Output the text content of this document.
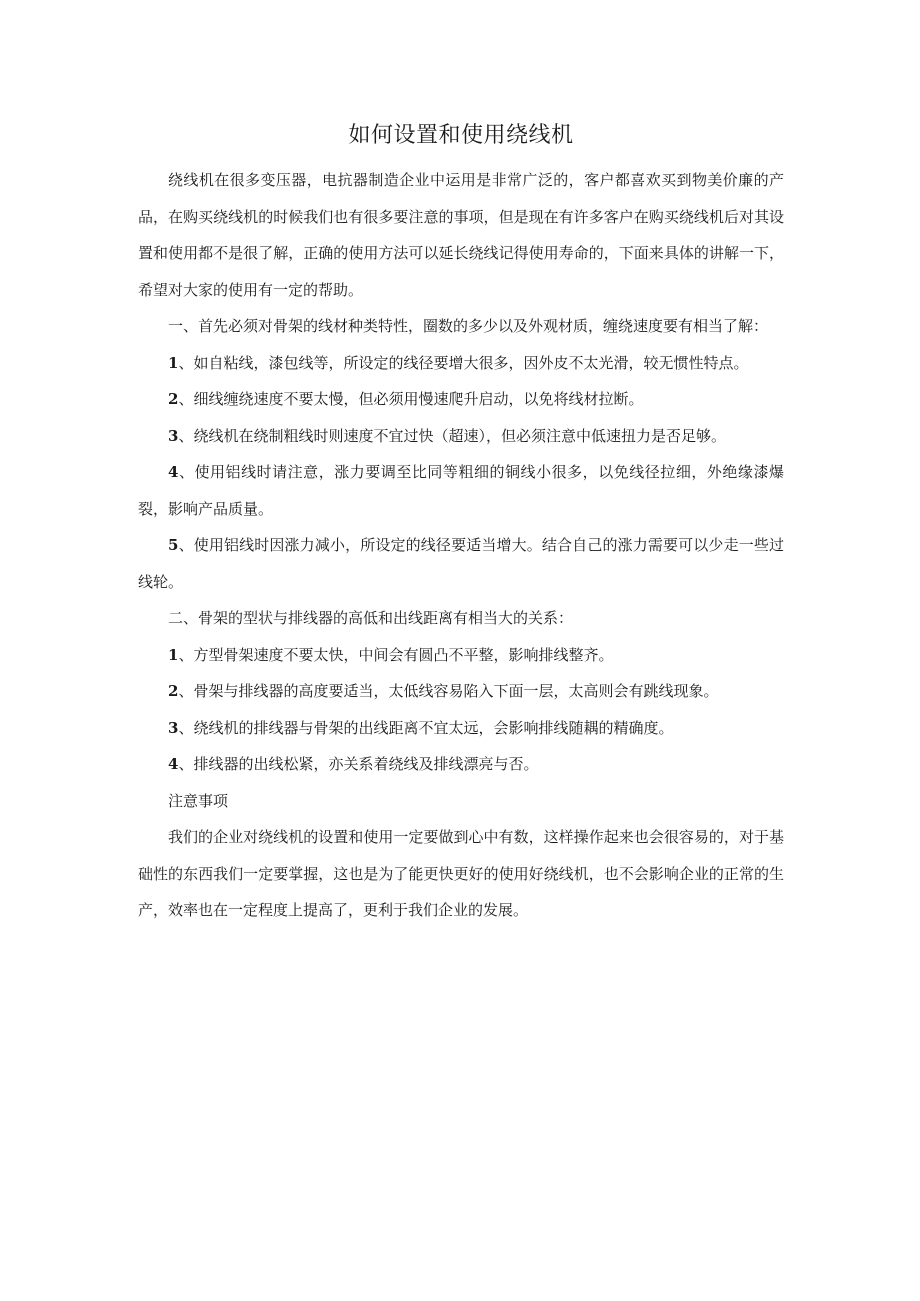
如何设置和使用绕线机

绕线机在很多变压器，电抗器制造企业中运用是非常广泛的，客户都喜欢买到物美价廉的产品，在购买绕线机的时候我们也有很多要注意的事项，但是现在有许多客户在购买绕线机后对其设置和使用都不是很了解，正确的使用方法可以延长绕线记得使用寿命的，下面来具体的讲解一下，希望对大家的使用有一定的帮助。

一、首先必须对骨架的线材种类特性，圈数的多少以及外观材质，缠绕速度要有相当了解：

1、如自粘线，漆包线等，所设定的线径要增大很多，因外皮不太光滑，较无惯性特点。

2、细线缠绕速度不要太慢，但必须用慢速爬升启动，以免将线材拉断。

3、绕线机在绕制粗线时则速度不宜过快（超速），但必须注意中低速扭力是否足够。

4、使用铝线时请注意，涨力要调至比同等粗细的铜线小很多，以免线径拉细，外绝缘漆爆裂，影响产品质量。

5、使用铝线时因涨力减小，所设定的线径要适当增大。结合自己的涨力需要可以少走一些过线轮。

二、骨架的型状与排线器的高低和出线距离有相当大的关系：

1、方型骨架速度不要太快，中间会有圆凸不平整，影响排线整齐。

2、骨架与排线器的高度要适当，太低线容易陷入下面一层，太高则会有跳线现象。

3、绕线机的排线器与骨架的出线距离不宜太远，会影响排线随耦的精确度。

4、排线器的出线松紧，亦关系着绕线及排线漂亮与否。

注意事项

我们的企业对绕线机的设置和使用一定要做到心中有数，这样操作起来也会很容易的，对于基础性的东西我们一定要掌握，这也是为了能更快更好的使用好绕线机，也不会影响企业的正常的生产，效率也在一定程度上提高了，更利于我们企业的发展。
